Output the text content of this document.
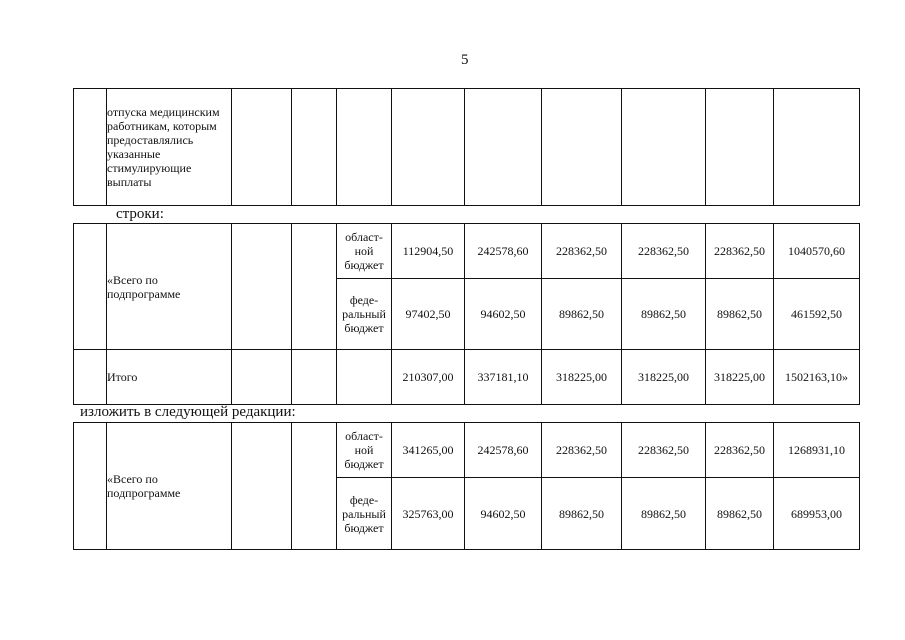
5

отпуска медицинским работникам, которым предоставлялись указанные стимулирующие выплаты

строки:

	«Всего по подпрограмме			област-ной бюджет	112904,50	242578,60	228362,50	228362,50	228362,50	1040570,60
				феде-ральный бюджет	97402,50	94602,50	89862,50	89862,50	89862,50	461592,50
	Итого				210307,00	337181,10	318225,00	318225,00	318225,00	1502163,10»
изложить в следующей редакции:

	«Всего по подпрограмме			област-ной бюджет	341265,00	242578,60	228362,50	228362,50	228362,50	1268931,10
				феде-ральный бюджет	325763,00	94602,50	89862,50	89862,50	89862,50	689953,00
